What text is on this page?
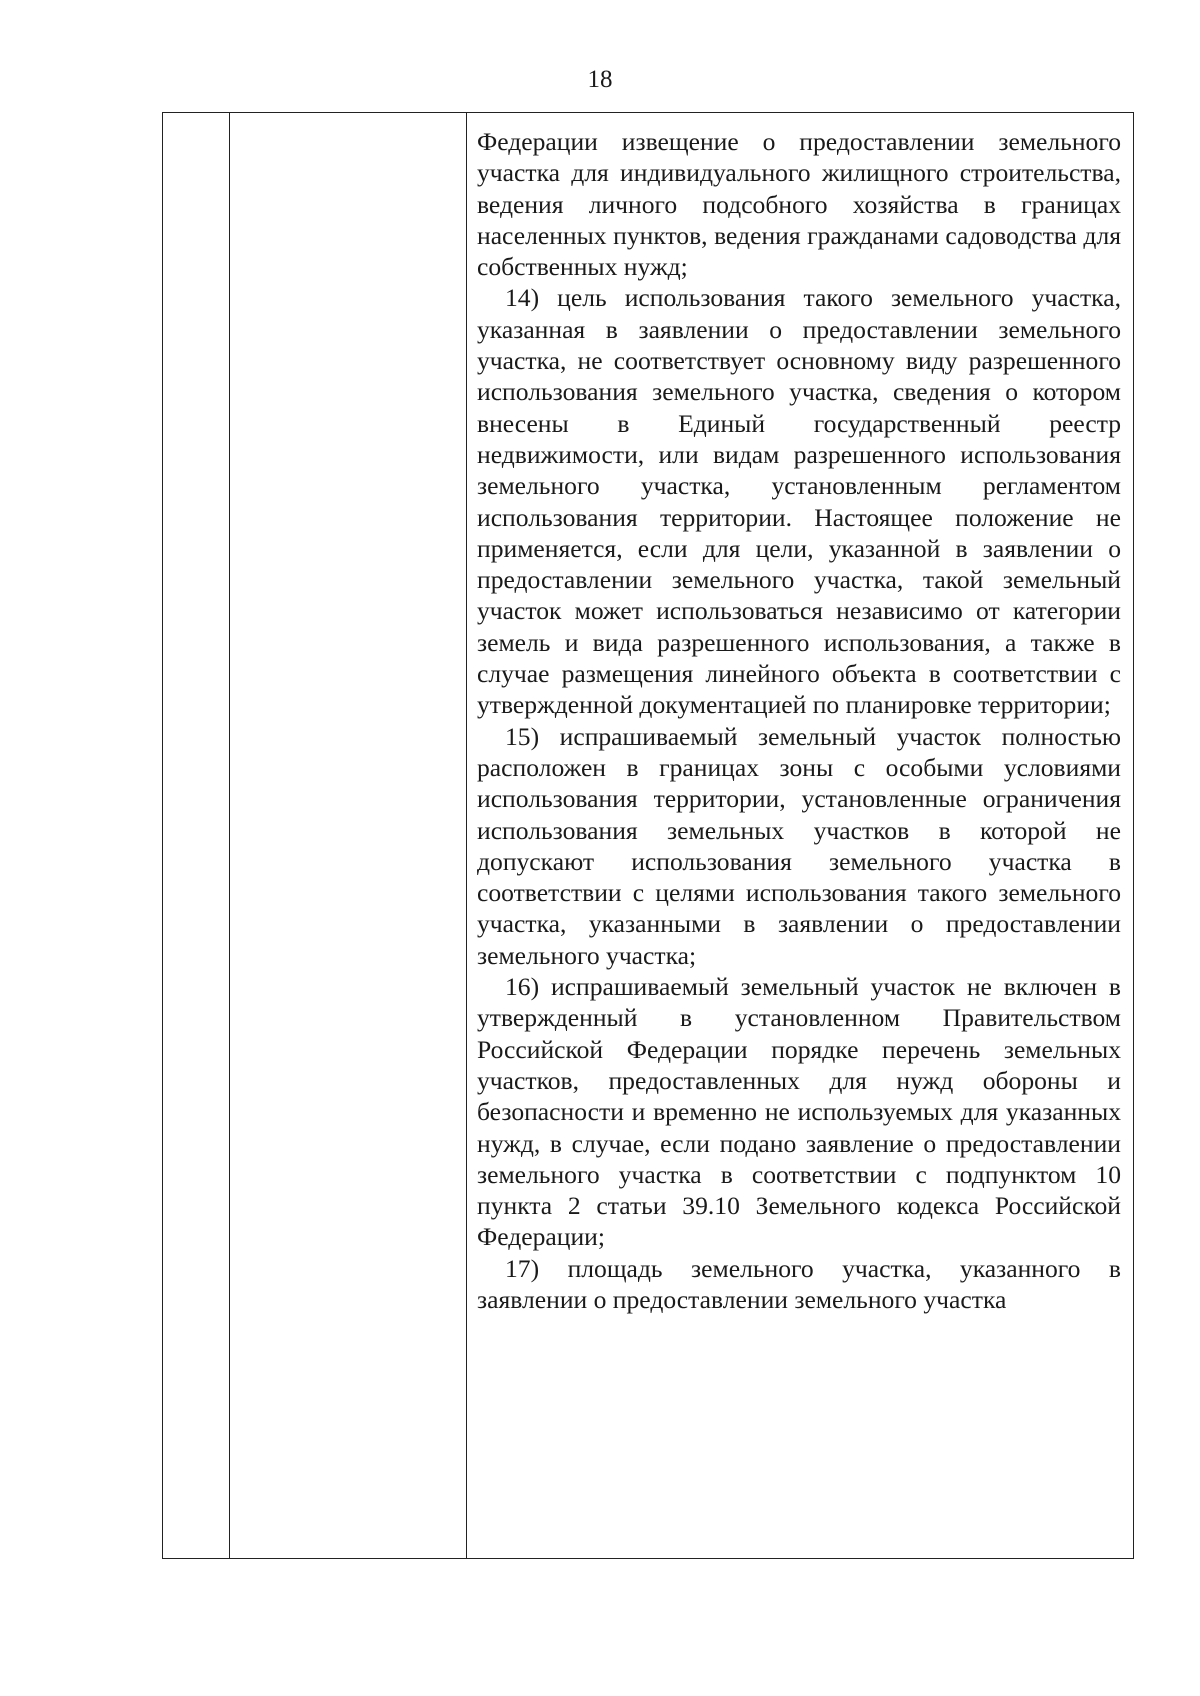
18

Федерации извещение о предоставлении земельного участка для индивидуального жилищного строительства, ведения личного подсобного хозяйства в границах населенных пунктов, ведения гражданами садоводства для собственных нужд;

14) цель использования такого земельного участка, указанная в заявлении о предоставлении земельного участка, не соответствует основному виду разрешенного использования земельного участка, сведения о котором внесены в Единый государственный реестр недвижимости, или видам разрешенного использования земельного участка, установленным регламентом использования территории. Настоящее положение не применяется, если для цели, указанной в заявлении о предоставлении земельного участка, такой земельный участок может использоваться независимо от категории земель и вида разрешенного использования, а также в случае размещения линейного объекта в соответствии с утвержденной документацией по планировке территории;

15) испрашиваемый земельный участок полностью расположен в границах зоны с особыми условиями использования территории, установленные ограничения использования земельных участков в которой не допускают использования земельного участка в соответствии с целями использования такого земельного участка, указанными в заявлении о предоставлении земельного участка;

16) испрашиваемый земельный участок не включен в утвержденный в установленном Правительством Российской Федерации порядке перечень земельных участков, предоставленных для нужд обороны и безопасности и временно не используемых для указанных нужд, в случае, если подано заявление о предоставлении земельного участка в соответствии с подпунктом 10 пункта 2 статьи 39.10 Земельного кодекса Российской Федерации;

17) площадь земельного участка, указанного в заявлении о предоставлении земельного участка
